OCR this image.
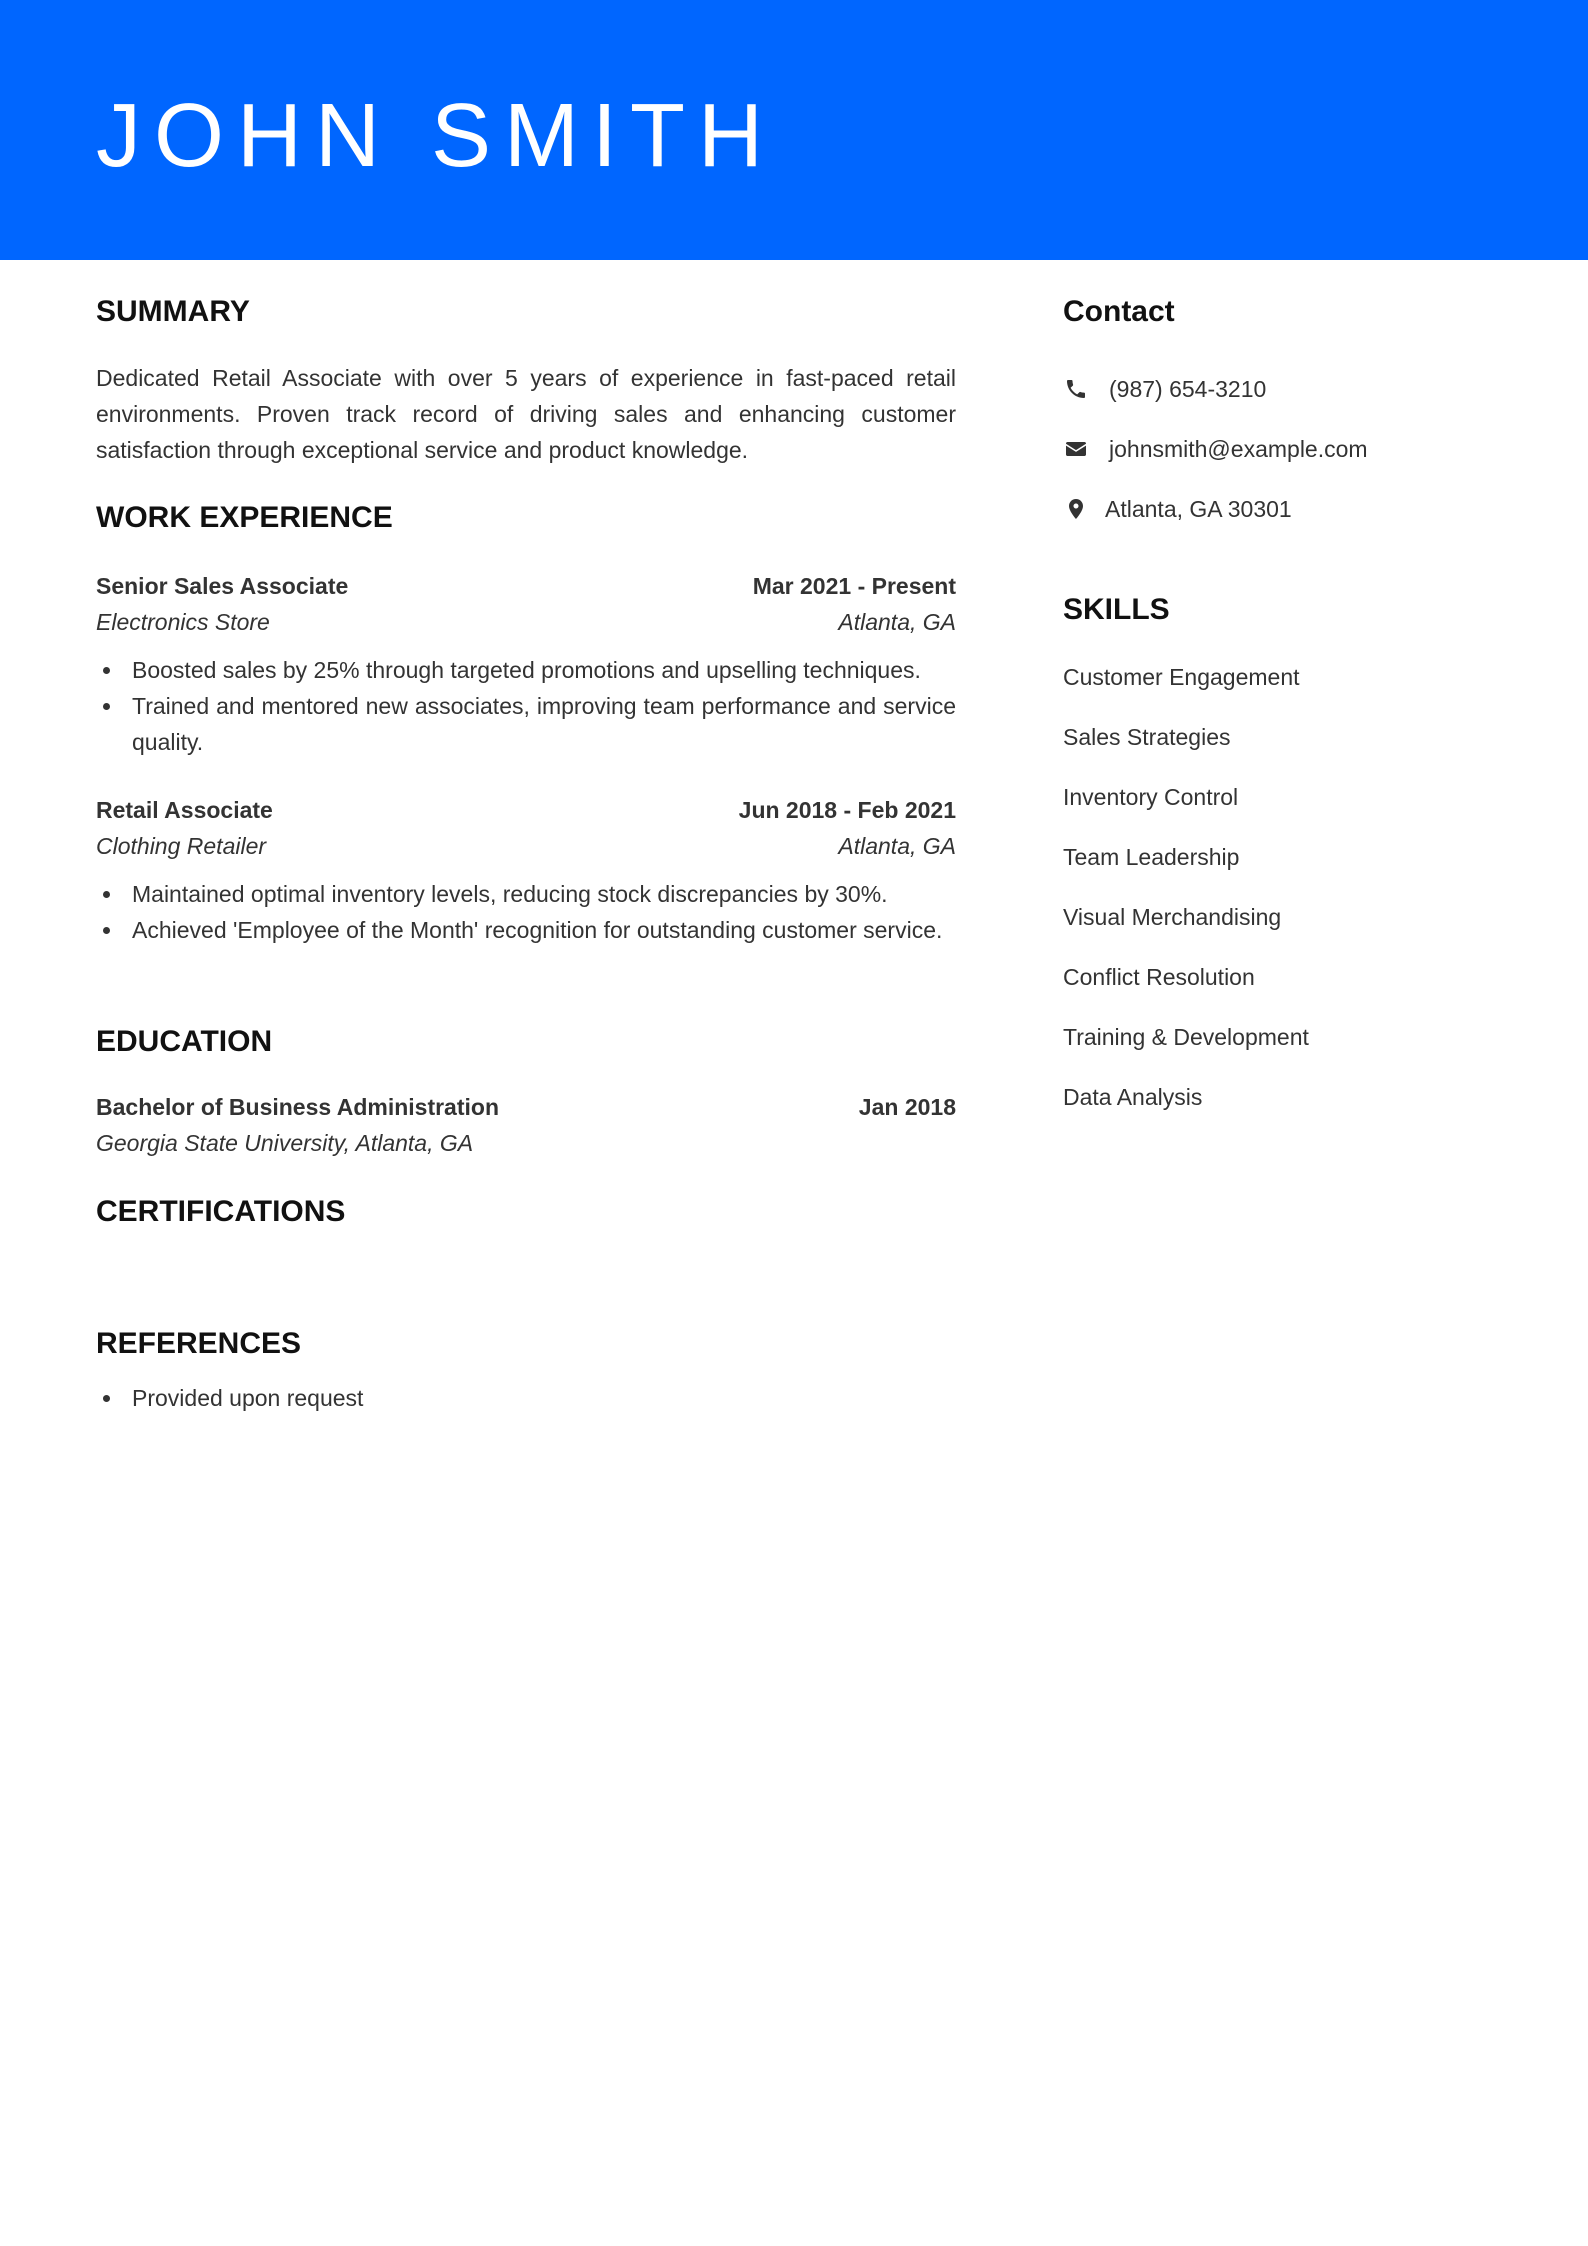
JOHN SMITH
SUMMARY
Dedicated Retail Associate with over 5 years of experience in fast-paced retail environments. Proven track record of driving sales and enhancing customer satisfaction through exceptional service and product knowledge.
WORK EXPERIENCE
Senior Sales Associate	Mar 2021 - Present
Electronics Store	Atlanta, GA
Boosted sales by 25% through targeted promotions and upselling techniques.
Trained and mentored new associates, improving team performance and service quality.
Retail Associate	Jun 2018 - Feb 2021
Clothing Retailer	Atlanta, GA
Maintained optimal inventory levels, reducing stock discrepancies by 30%.
Achieved 'Employee of the Month' recognition for outstanding customer service.
EDUCATION
Bachelor of Business Administration	Jan 2018
Georgia State University, Atlanta, GA
CERTIFICATIONS
REFERENCES
Provided upon request
Contact
(987) 654-3210
johnsmith@example.com
Atlanta, GA 30301
SKILLS
Customer Engagement
Sales Strategies
Inventory Control
Team Leadership
Visual Merchandising
Conflict Resolution
Training & Development
Data Analysis
